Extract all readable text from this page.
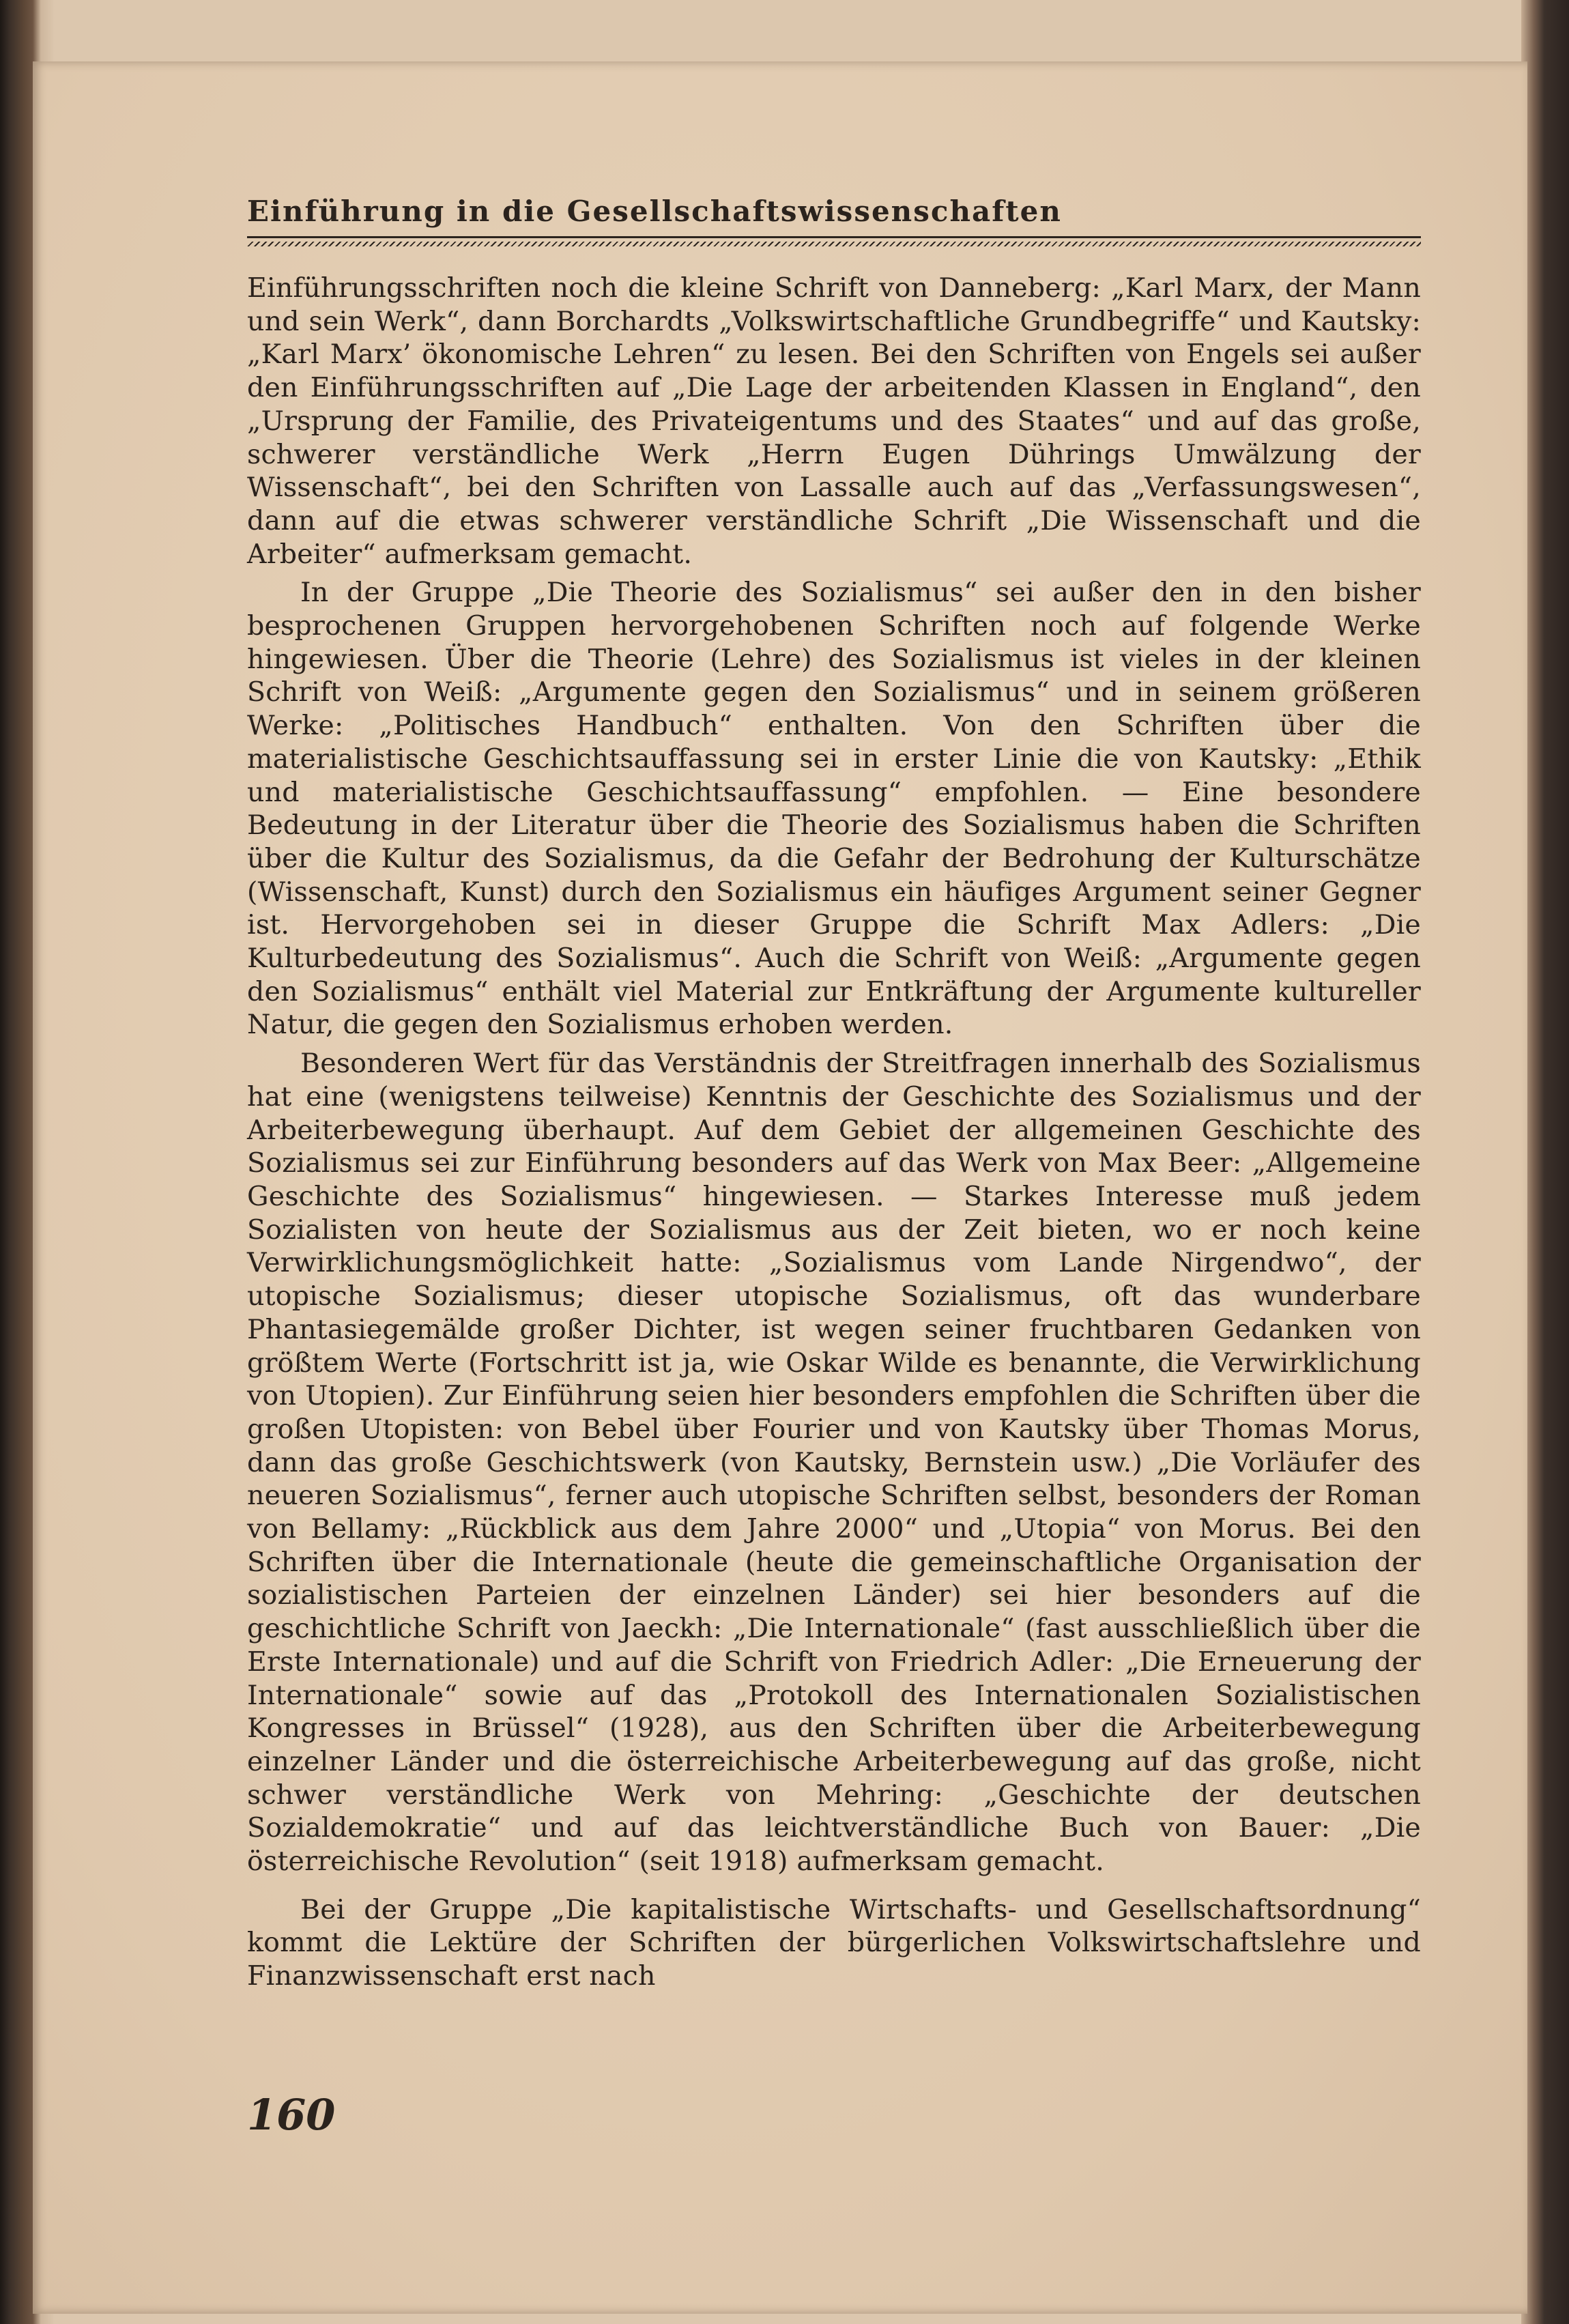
Einführung in die Gesellschaftswissenschaften

Einführungsschriften noch die kleine Schrift von Danneberg: „Karl Marx, der Mann und sein Werk“, dann Borchardts „Volkswirtschaftliche Grundbegriffe“ und Kautsky: „Karl Marx’ ökonomische Lehren“ zu lesen. Bei den Schriften von Engels sei außer den Einführungsschriften auf „Die Lage der arbeitenden Klassen in England“, den „Ursprung der Familie, des Privateigentums und des Staates“ und auf das große, schwerer verständliche Werk „Herrn Eugen Dührings Umwälzung der Wissenschaft“, bei den Schriften von Lassalle auch auf das „Verfassungswesen“, dann auf die etwas schwerer verständliche Schrift „Die Wissenschaft und die Arbeiter“ aufmerksam gemacht.

In der Gruppe „Die Theorie des Sozialismus“ sei außer den in den bisher besprochenen Gruppen hervorgehobenen Schriften noch auf folgende Werke hingewiesen. Über die Theorie (Lehre) des Sozialismus ist vieles in der kleinen Schrift von Weiß: „Argumente gegen den Sozialismus“ und in seinem größeren Werke: „Politisches Handbuch“ enthalten. Von den Schriften über die materialistische Geschichtsauffassung sei in erster Linie die von Kautsky: „Ethik und materialistische Geschichtsauffassung“ empfohlen. — Eine besondere Bedeutung in der Literatur über die Theorie des Sozialismus haben die Schriften über die Kultur des Sozialismus, da die Gefahr der Bedrohung der Kulturschätze (Wissenschaft, Kunst) durch den Sozialismus ein häufiges Argument seiner Gegner ist. Hervorgehoben sei in dieser Gruppe die Schrift Max Adlers: „Die Kulturbedeutung des Sozialismus“. Auch die Schrift von Weiß: „Argumente gegen den Sozialismus“ enthält viel Material zur Entkräftung der Argumente kultureller Natur, die gegen den Sozialismus erhoben werden.

Besonderen Wert für das Verständnis der Streitfragen innerhalb des Sozialismus hat eine (wenigstens teilweise) Kenntnis der Geschichte des Sozialismus und der Arbeiterbewegung überhaupt. Auf dem Gebiet der allgemeinen Geschichte des Sozialismus sei zur Einführung besonders auf das Werk von Max Beer: „Allgemeine Geschichte des Sozialismus“ hingewiesen. — Starkes Interesse muß jedem Sozialisten von heute der Sozialismus aus der Zeit bieten, wo er noch keine Verwirklichungsmöglichkeit hatte: „Sozialismus vom Lande Nirgendwo“, der utopische Sozialismus; dieser utopische Sozialismus, oft das wunderbare Phantasiegemälde großer Dichter, ist wegen seiner fruchtbaren Gedanken von größtem Werte (Fortschritt ist ja, wie Oskar Wilde es benannte, die Verwirklichung von Utopien). Zur Einführung seien hier besonders empfohlen die Schriften über die großen Utopisten: von Bebel über Fourier und von Kautsky über Thomas Morus, dann das große Geschichtswerk (von Kautsky, Bernstein usw.) „Die Vorläufer des neueren Sozialismus“, ferner auch utopische Schriften selbst, besonders der Roman von Bellamy: „Rückblick aus dem Jahre 2000“ und „Utopia“ von Morus. Bei den Schriften über die Internationale (heute die gemeinschaftliche Organisation der sozialistischen Parteien der einzelnen Länder) sei hier besonders auf die geschichtliche Schrift von Jaeckh: „Die Internationale“ (fast ausschließlich über die Erste Internationale) und auf die Schrift von Friedrich Adler: „Die Erneuerung der Internationale“ sowie auf das „Protokoll des Internationalen Sozialistischen Kongresses in Brüssel“ (1928), aus den Schriften über die Arbeiterbewegung einzelner Länder und die österreichische Arbeiterbewegung auf das große, nicht schwer verständliche Werk von Mehring: „Geschichte der deutschen Sozialdemokratie“ und auf das leichtverständliche Buch von Bauer: „Die österreichische Revolution“ (seit 1918) aufmerksam gemacht.

Bei der Gruppe „Die kapitalistische Wirtschafts- und Gesellschaftsordnung“ kommt die Lektüre der Schriften der bürgerlichen Volkswirtschaftslehre und Finanzwissenschaft erst nach

160
